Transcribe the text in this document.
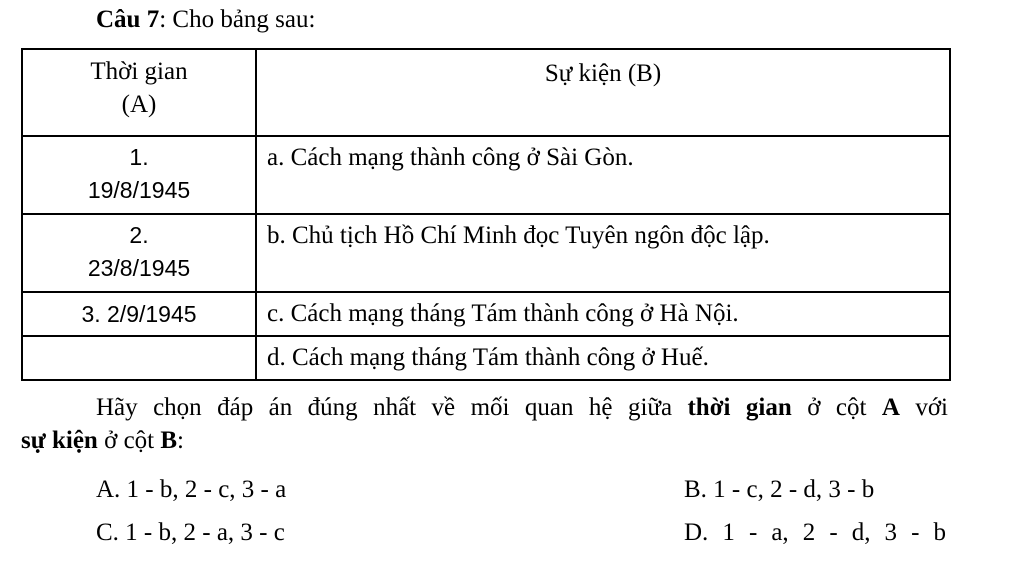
Câu 7: Cho bảng sau:
Thời gian
(A)	Sự kiện (B)

1.
19/8/1945	a. Cách mạng thành công ở Sài Gòn.

2.
23/8/1945	b. Chủ tịch Hồ Chí Minh đọc Tuyên ngôn độc lập.

3. 2/9/1945	c. Cách mạng tháng Tám thành công ở Hà Nội.
	d. Cách mạng tháng Tám thành công ở Huế.
Hãy chọn đáp án đúng nhất về mối quan hệ giữa thời gian ở cột A với
sự kiện ở cột B:
A. 1 - b, 2 - c, 3 - a	B. 1 - c, 2 - d, 3 - b
C. 1 - b, 2 - a, 3 - c	D. 1 - a, 2 - d, 3 - b
